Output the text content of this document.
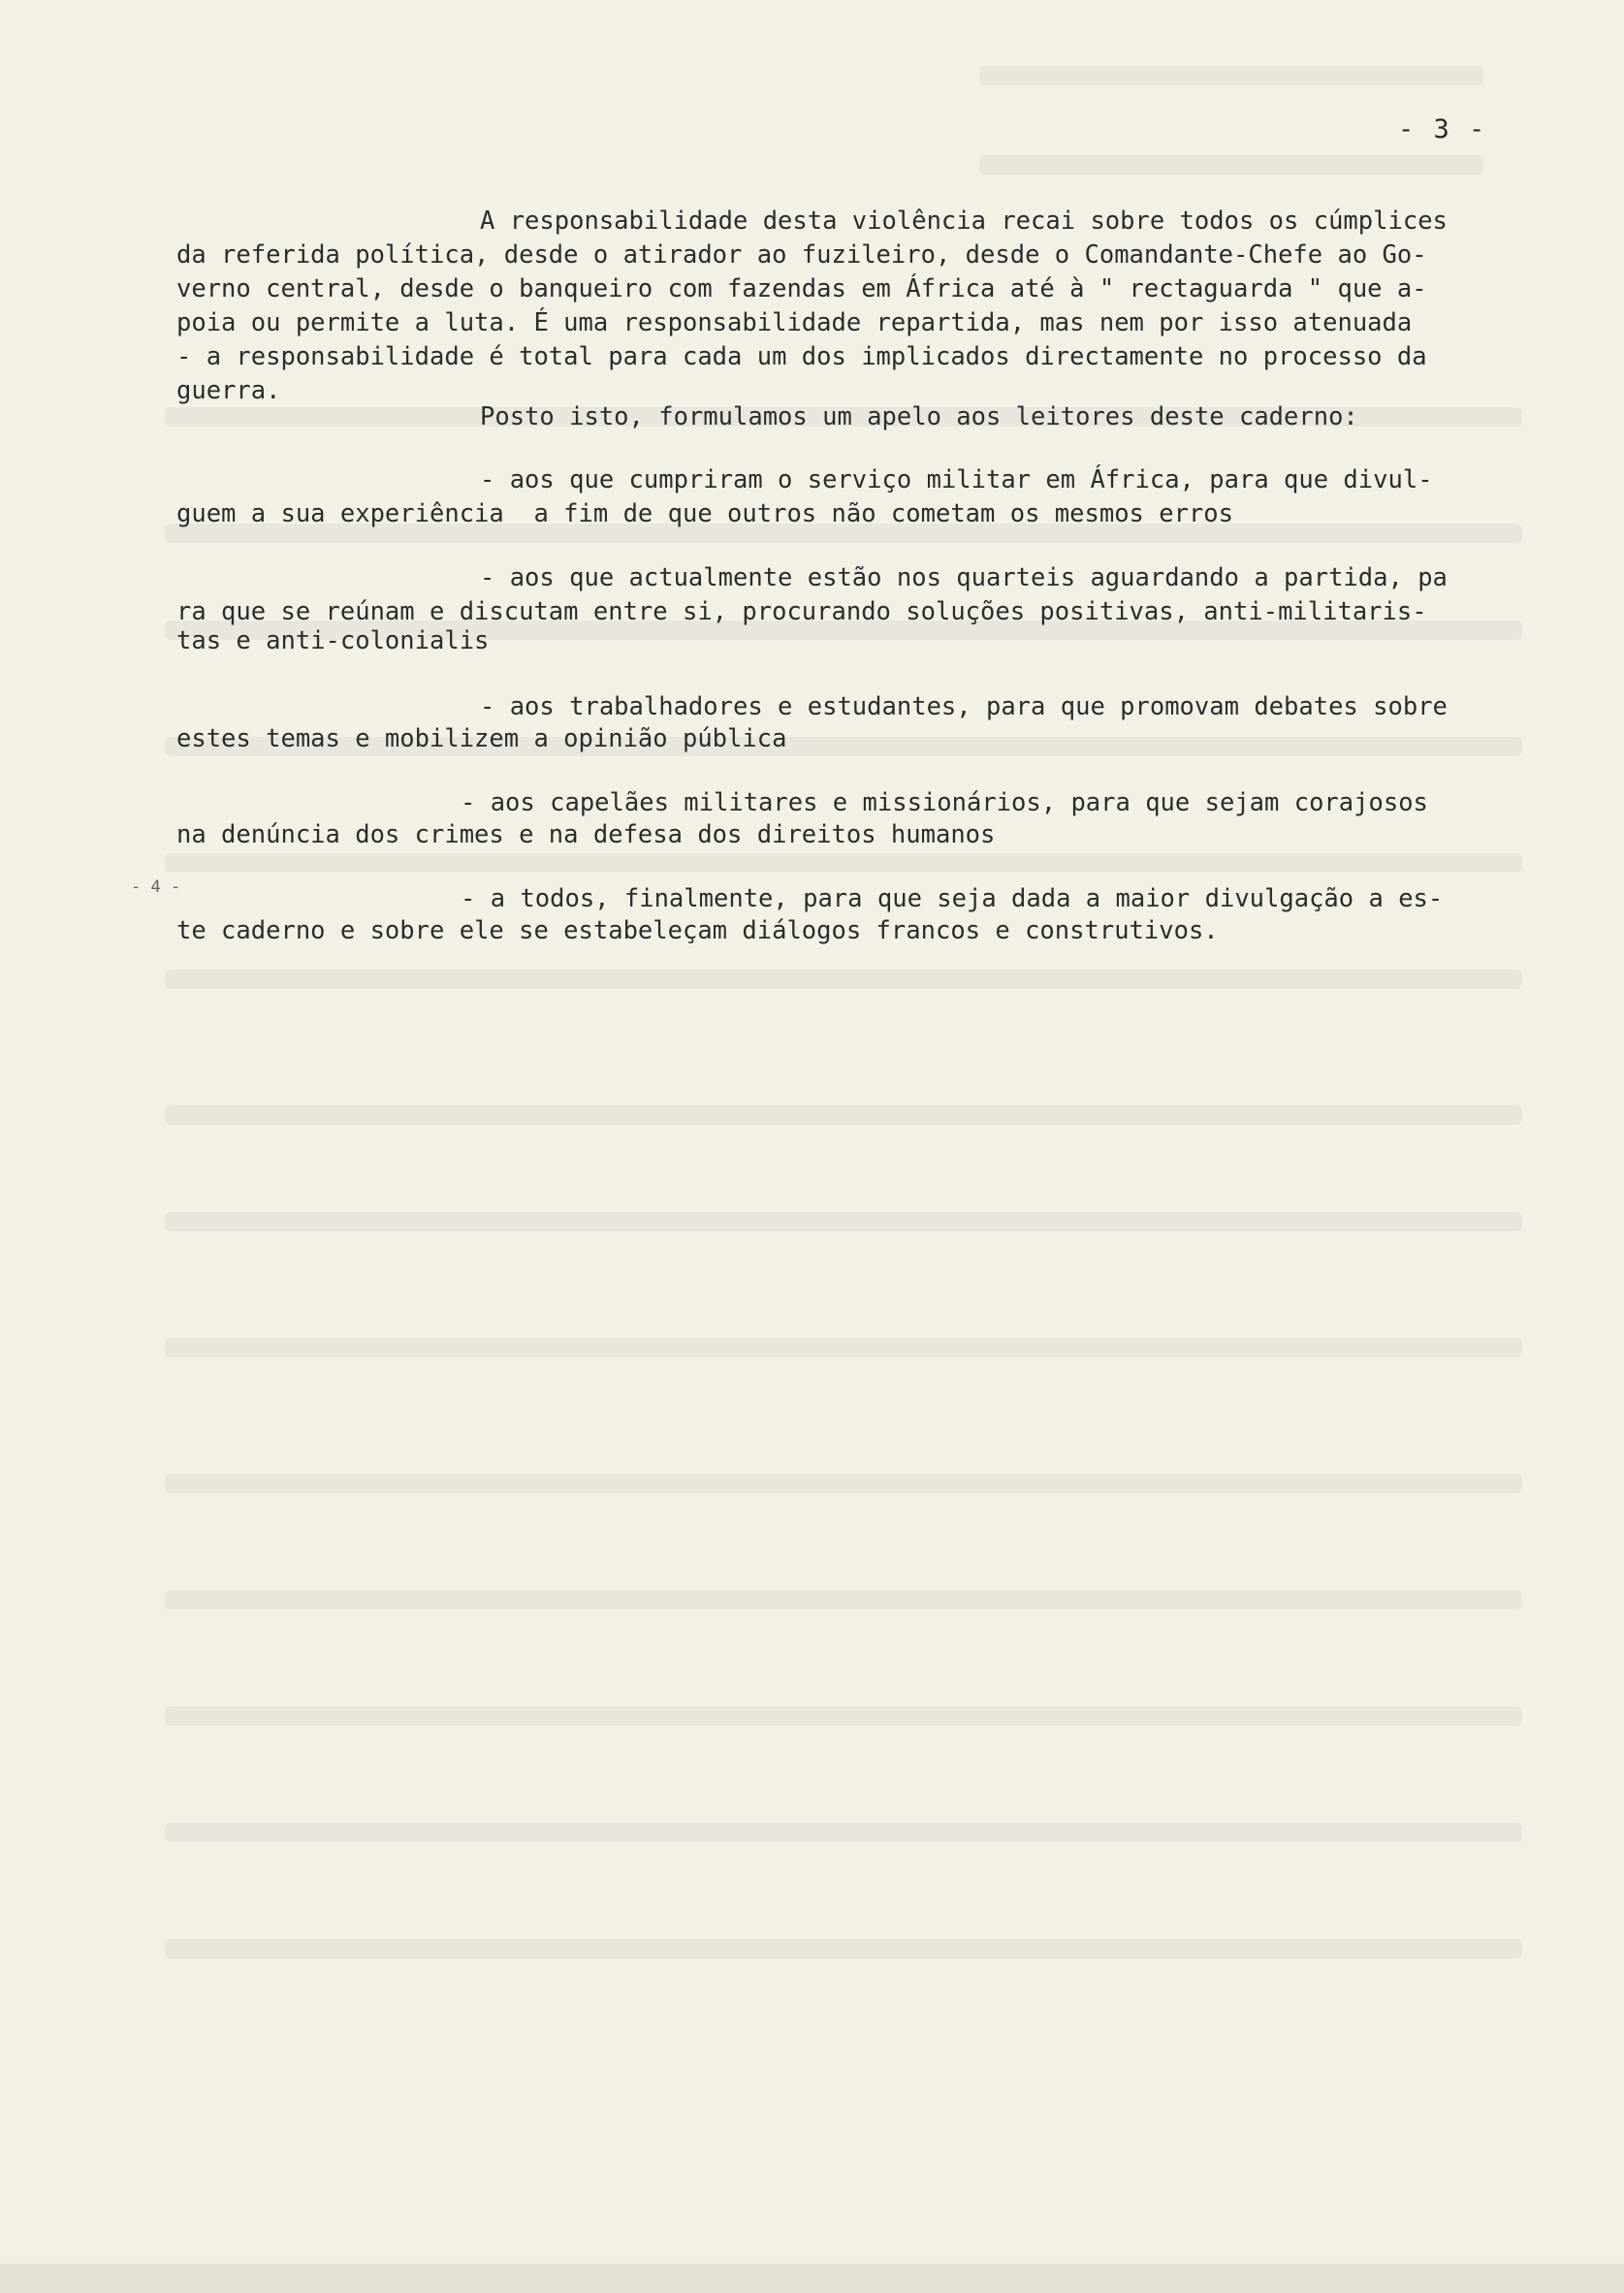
- 3 -
A responsabilidade desta violência recai sobre todos os cúmplices
da referida política, desde o atirador ao fuzileiro, desde o Comandante-Chefe ao Go-
verno central, desde o banqueiro com fazendas em África até à " rectaguarda " que a-
poia ou permite a luta. É uma responsabilidade repartida, mas nem por isso atenuada
- a responsabilidade é total para cada um dos implicados directamente no processo da
guerra.
Posto isto, formulamos um apelo aos leitores deste caderno:
- aos que cumpriram o serviço militar em África, para que divul-
guem a sua experiência  a fim de que outros não cometam os mesmos erros
- aos que actualmente estão nos quarteis aguardando a partida, pa
ra que se reúnam e discutam entre si, procurando soluções positivas, anti-militaris-
tas e anti-colonialis
- aos trabalhadores e estudantes, para que promovam debates sobre
estes temas e mobilizem a opinião pública
- aos capelães militares e missionários, para que sejam corajosos
na denúncia dos crimes e na defesa dos direitos humanos
- 4 -	- a todos, finalmente, para que seja dada a maior divulgação a es-
te caderno e sobre ele se estabeleçam diálogos francos e construtivos.
